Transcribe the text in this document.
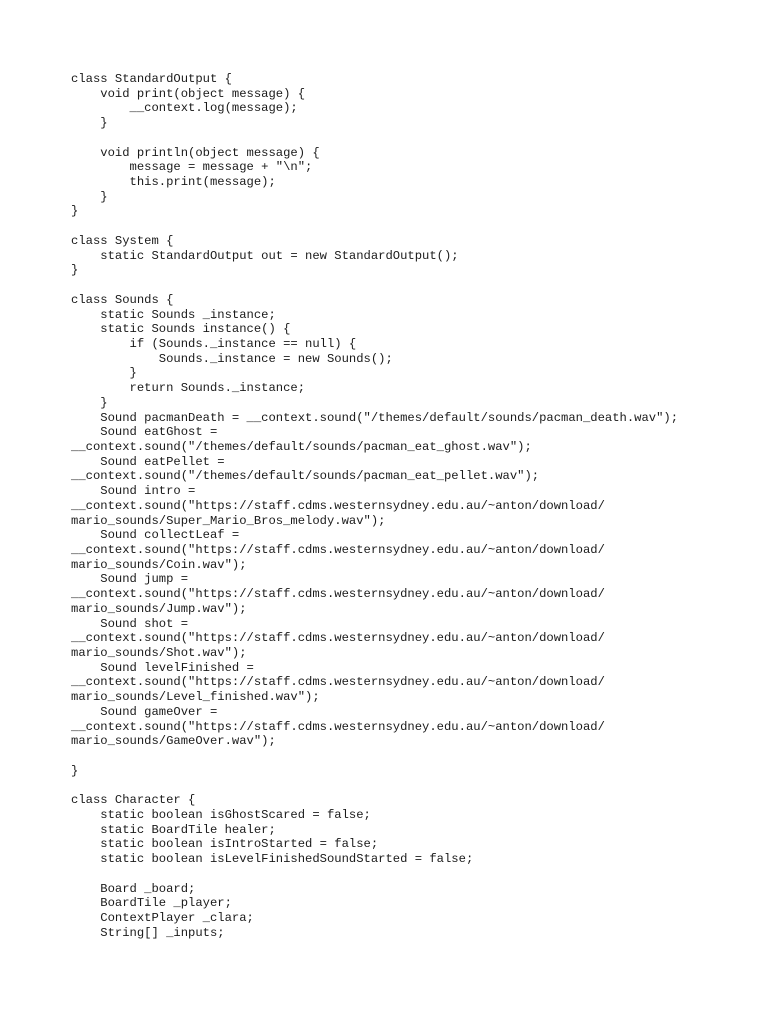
class StandardOutput {
void print(object message) {
__context.log(message);
}
void println(object message) {
message = message + "\n";
this.print(message);
}
}
class System {
static StandardOutput out = new StandardOutput();
}
class Sounds {
static Sounds _instance;
static Sounds instance() {
if (Sounds._instance == null) {
Sounds._instance = new Sounds();
}
return Sounds._instance;
}
Sound pacmanDeath = __context.sound("/themes/default/sounds/pacman_death.wav");
Sound eatGhost =
__context.sound("/themes/default/sounds/pacman_eat_ghost.wav");
Sound eatPellet =
__context.sound("/themes/default/sounds/pacman_eat_pellet.wav");
Sound intro =
__context.sound("https://staff.cdms.westernsydney.edu.au/~anton/download/
mario_sounds/Super_Mario_Bros_melody.wav");
Sound collectLeaf =
__context.sound("https://staff.cdms.westernsydney.edu.au/~anton/download/
mario_sounds/Coin.wav");
Sound jump =
__context.sound("https://staff.cdms.westernsydney.edu.au/~anton/download/
mario_sounds/Jump.wav");
Sound shot =
__context.sound("https://staff.cdms.westernsydney.edu.au/~anton/download/
mario_sounds/Shot.wav");
Sound levelFinished =
__context.sound("https://staff.cdms.westernsydney.edu.au/~anton/download/
mario_sounds/Level_finished.wav");
Sound gameOver =
__context.sound("https://staff.cdms.westernsydney.edu.au/~anton/download/
mario_sounds/GameOver.wav");
}
class Character {
static boolean isGhostScared = false;
static BoardTile healer;
static boolean isIntroStarted = false;
static boolean isLevelFinishedSoundStarted = false;
Board _board;
BoardTile _player;
ContextPlayer _clara;
String[] _inputs;
